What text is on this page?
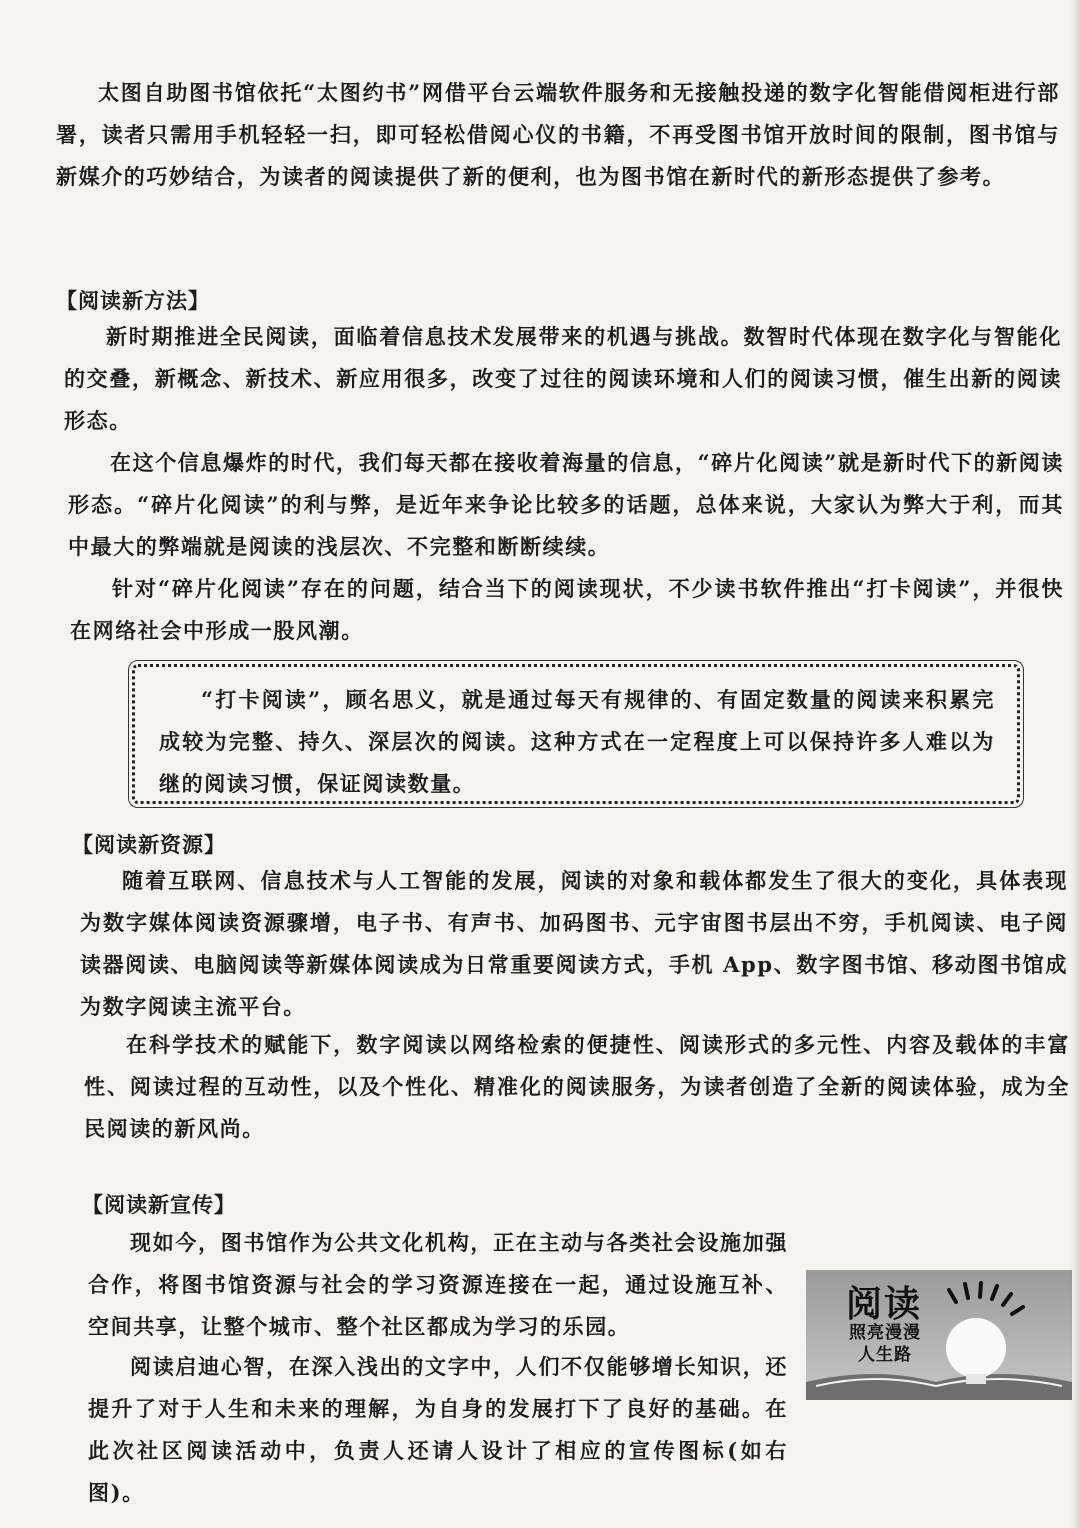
太图自助图书馆依托“太图约书”网借平台云端软件服务和无接触投递的数字化智能借阅柜进行部署，读者只需用手机轻轻一扫，即可轻松借阅心仪的书籍，不再受图书馆开放时间的限制，图书馆与新媒介的巧妙结合，为读者的阅读提供了新的便利，也为图书馆在新时代的新形态提供了参考。

【阅读新方法】

新时期推进全民阅读，面临着信息技术发展带来的机遇与挑战。数智时代体现在数字化与智能化的交叠，新概念、新技术、新应用很多，改变了过往的阅读环境和人们的阅读习惯，催生出新的阅读形态。

在这个信息爆炸的时代，我们每天都在接收着海量的信息，“碎片化阅读”就是新时代下的新阅读形态。“碎片化阅读”的利与弊，是近年来争论比较多的话题，总体来说，大家认为弊大于利，而其中最大的弊端就是阅读的浅层次、不完整和断断续续。

针对“碎片化阅读”存在的问题，结合当下的阅读现状，不少读书软件推出“打卡阅读”，并很快在网络社会中形成一股风潮。

“打卡阅读”，顾名思义，就是通过每天有规律的、有固定数量的阅读来积累完成较为完整、持久、深层次的阅读。这种方式在一定程度上可以保持许多人难以为继的阅读习惯，保证阅读数量。

【阅读新资源】

随着互联网、信息技术与人工智能的发展，阅读的对象和载体都发生了很大的变化，具体表现为数字媒体阅读资源骤增，电子书、有声书、加码图书、元宇宙图书层出不穷，手机阅读、电子阅读器阅读、电脑阅读等新媒体阅读成为日常重要阅读方式，手机 App、数字图书馆、移动图书馆成为数字阅读主流平台。

在科学技术的赋能下，数字阅读以网络检索的便捷性、阅读形式的多元性、内容及载体的丰富性、阅读过程的互动性，以及个性化、精准化的阅读服务，为读者创造了全新的阅读体验，成为全民阅读的新风尚。

【阅读新宣传】

现如今，图书馆作为公共文化机构，正在主动与各类社会设施加强合作，将图书馆资源与社会的学习资源连接在一起，通过设施互补、空间共享，让整个城市、整个社区都成为学习的乐园。

阅读启迪心智，在深入浅出的文字中，人们不仅能够增长知识，还提升了对于人生和未来的理解，为自身的发展打下了良好的基础。在此次社区阅读活动中，负责人还请人设计了相应的宣传图标(如右图)。

阅读
照亮漫漫
人生路
